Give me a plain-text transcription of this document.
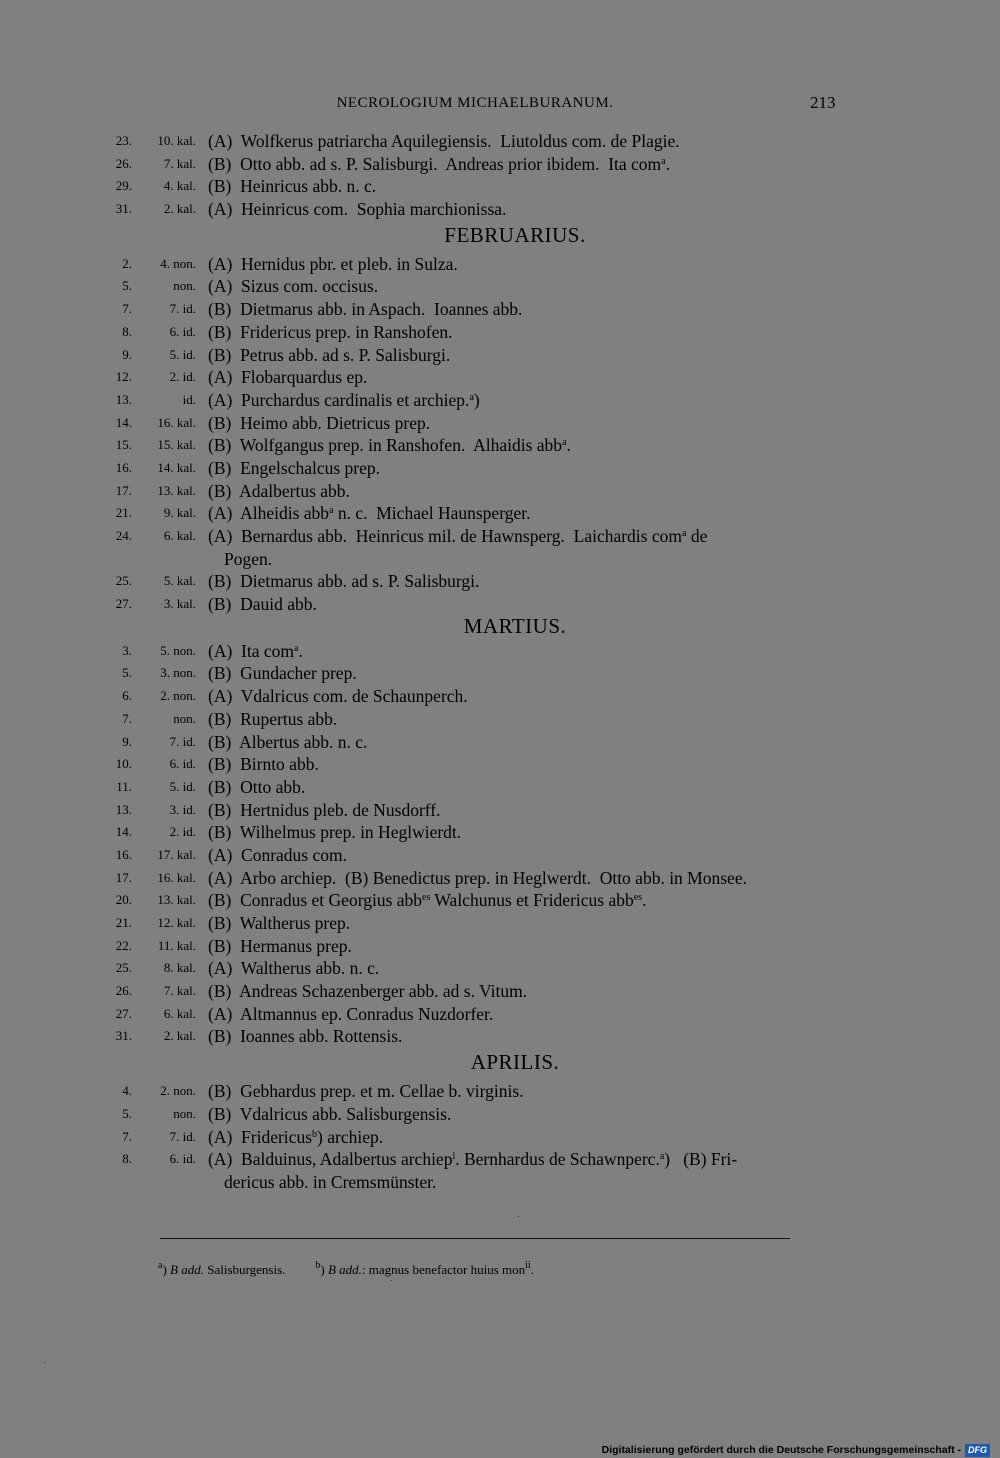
NECROLOGIUM MICHAELBURANUM.	213
23.	10. kal. (A)  Wolfkerus patriarcha Aquilegiensis.  Liutoldus com. de Plagie.
26.	7. kal. (B)  Otto abb. ad s. P. Salisburgi.  Andreas prior ibidem.  Ita com$^a$.
29.	4. kal. (B)  Heinricus abb. n. c.
31.	2. kal. (A)  Heinricus com.  Sophia marchionissa.
FEBRUARIUS.
2.	4. non. (A)  Hernidus pbr. et pleb. in Sulza.
5.	non. (A)  Sizus com. occisus.
7.	7. id. (B)  Dietmarus abb. in Aspach.  Ioannes abb.
8.	6. id. (B)  Fridericus prep. in Ranshofen.
9.	5. id. (B)  Petrus abb. ad s. P. Salisburgi.
12.	2. id. (A)  Flobarquardus ep.
13.	id. (A)  Purchardus cardinalis et archiep.$^a$)
14.	16. kal. (B)  Heimo abb. Dietricus prep.
15.	15. kal. (B)  Wolfgangus prep. in Ranshofen.  Alhaidis abb$^a$.
16.	14. kal. (B)  Engelschalcus prep.
17.	13. kal. (B)  Adalbertus abb.
21.	9. kal. (A)  Alheidis abb$^a$ n. c.  Michael Haunsperger.
24.	6. kal. (A)  Bernardus abb.  Heinricus mil. de Hawnsperg.  Laichardis com$^a$ de
Pogen.
25.	5. kal. (B)  Dietmarus abb. ad s. P. Salisburgi.
27.	3. kal. (B)  Dauid abb.
MARTIUS.
3.	5. non. (A)  Ita com$^a$.
5.	3. non. (B)  Gundacher prep.
6.	2. non. (A)  Vdalricus com. de Schaunperch.
7.	non. (B)  Rupertus abb.
9.	7. id. (B)  Albertus abb. n. c.
10.	6. id. (B)  Birnto abb.
11.	5. id. (B)  Otto abb.
13.	3. id. (B)  Hertnidus pleb. de Nusdorff.
14.	2. id. (B)  Wilhelmus prep. in Heglwierdt.
16.	17. kal. (A)  Conradus com.
17.	16. kal. (A)  Arbo archiep.  (B) Benedictus prep. in Heglwerdt.  Otto abb. in Monsee.
20.	13. kal. (B)  Conradus et Georgius abb$^{es}$ Walchunus et Fridericus abb$^{es}$.
21.	12. kal. (B)  Waltherus prep.
22.	11. kal. (B)  Hermanus prep.
25.	8. kal. (A)  Waltherus abb. n. c.
26.	7. kal. (B)  Andreas Schazenberger abb. ad s. Vitum.
27.	6. kal. (A)  Altmannus ep. Conradus Nuzdorfer.
31.	2. kal. (B)  Ioannes abb. Rottensis.
APRILIS.
4.	2. non. (B)  Gebhardus prep. et m. Cellae b. virginis.
5.	non. (B)  Vdalricus abb. Salisburgensis.
7.	7. id. (A)  Fridericus$^b$) archiep.
8.	6. id. (A)  Balduinus, Adalbertus archiep$^i$. Bernhardus de Schawnperc.$^a$)   (B) Fri-
dericus abb. in Cremsmünster.
$^a$) B add. Salisburgensis.	$^b$) B add.: magnus benefactor huius mon$^{ii}$.
Digitalisierung gefördert durch die Deutsche Forschungsgemeinschaft - DFG
